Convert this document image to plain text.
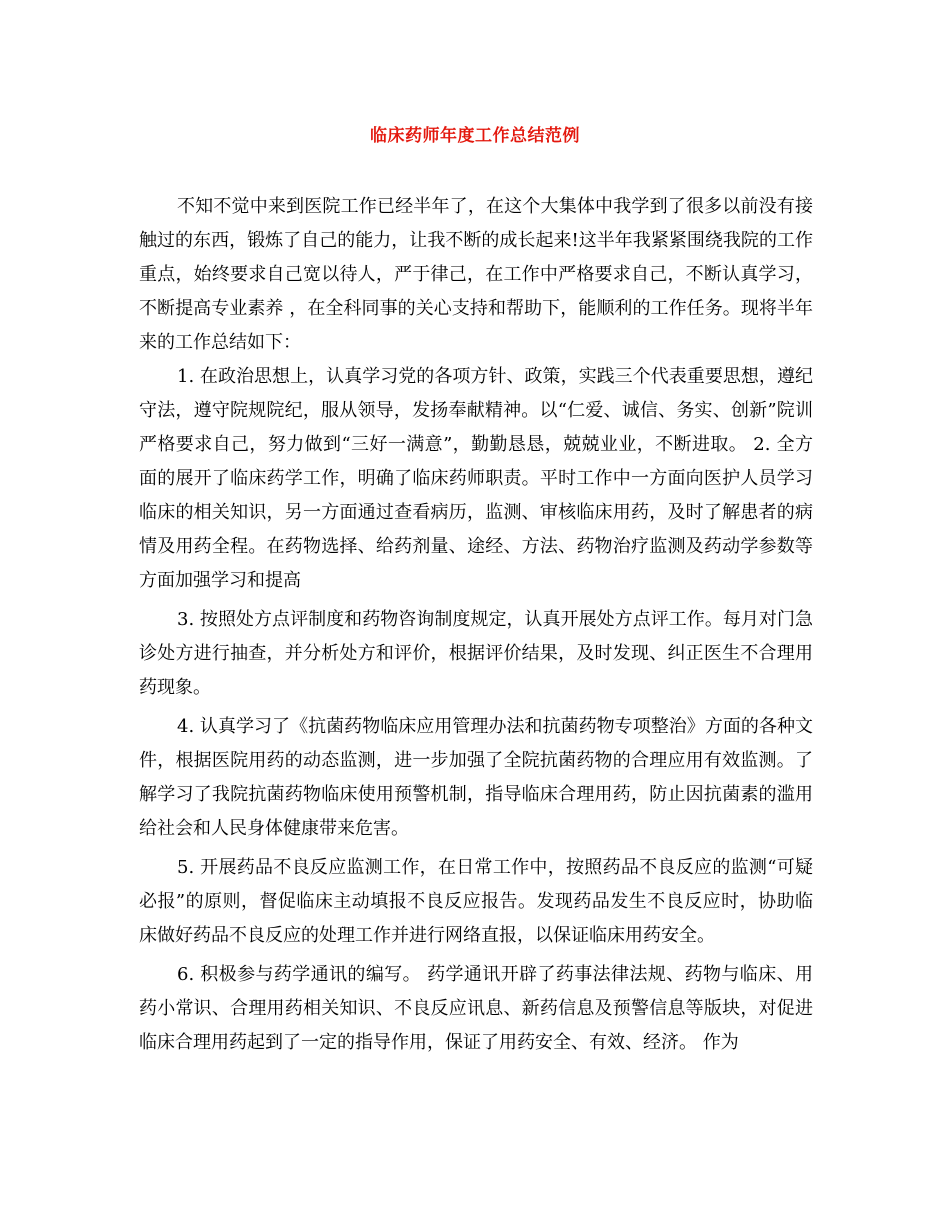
临床药师年度工作总结范例

不知不觉中来到医院工作已经半年了，在这个大集体中我学到了很多以前没有接触过的东西，锻炼了自己的能力，让我不断的成长起来!这半年我紧紧围绕我院的工作重点，始终要求自己宽以待人，严于律己，在工作中严格要求自己，不断认真学习，不断提高专业素养 ，在全科同事的关心支持和帮助下，能顺利的工作任务。现将半年来的工作总结如下：

1. 在政治思想上，认真学习党的各项方针、政策，实践三个代表重要思想，遵纪守法，遵守院规院纪，服从领导，发扬奉献精神。以“仁爱、诚信、务实、创新”院训严格要求自己，努力做到“三好一满意”，勤勤恳恳，兢兢业业，不断进取。 2. 全方面的展开了临床药学工作，明确了临床药师职责。平时工作中一方面向医护人员学习临床的相关知识，另一方面通过查看病历，监测、审核临床用药，及时了解患者的病情及用药全程。在药物选择、给药剂量、途经、方法、药物治疗监测及药动学参数等方面加强学习和提高

3. 按照处方点评制度和药物咨询制度规定，认真开展处方点评工作。每月对门急诊处方进行抽查，并分析处方和评价，根据评价结果，及时发现、纠正医生不合理用药现象。

4. 认真学习了《抗菌药物临床应用管理办法和抗菌药物专项整治》方面的各种文件，根据医院用药的动态监测，进一步加强了全院抗菌药物的合理应用有效监测。了解学习了我院抗菌药物临床使用预警机制，指导临床合理用药，防止因抗菌素的滥用给社会和人民身体健康带来危害。

5. 开展药品不良反应监测工作，在日常工作中，按照药品不良反应的监测“可疑必报”的原则，督促临床主动填报不良反应报告。发现药品发生不良反应时，协助临床做好药品不良反应的处理工作并进行网络直报，以保证临床用药安全。

6. 积极参与药学通讯的编写。 药学通讯开辟了药事法律法规、药物与临床、用药小常识、合理用药相关知识、不良反应讯息、新药信息及预警信息等版块，对促进临床合理用药起到了一定的指导作用，保证了用药安全、有效、经济。 作为
